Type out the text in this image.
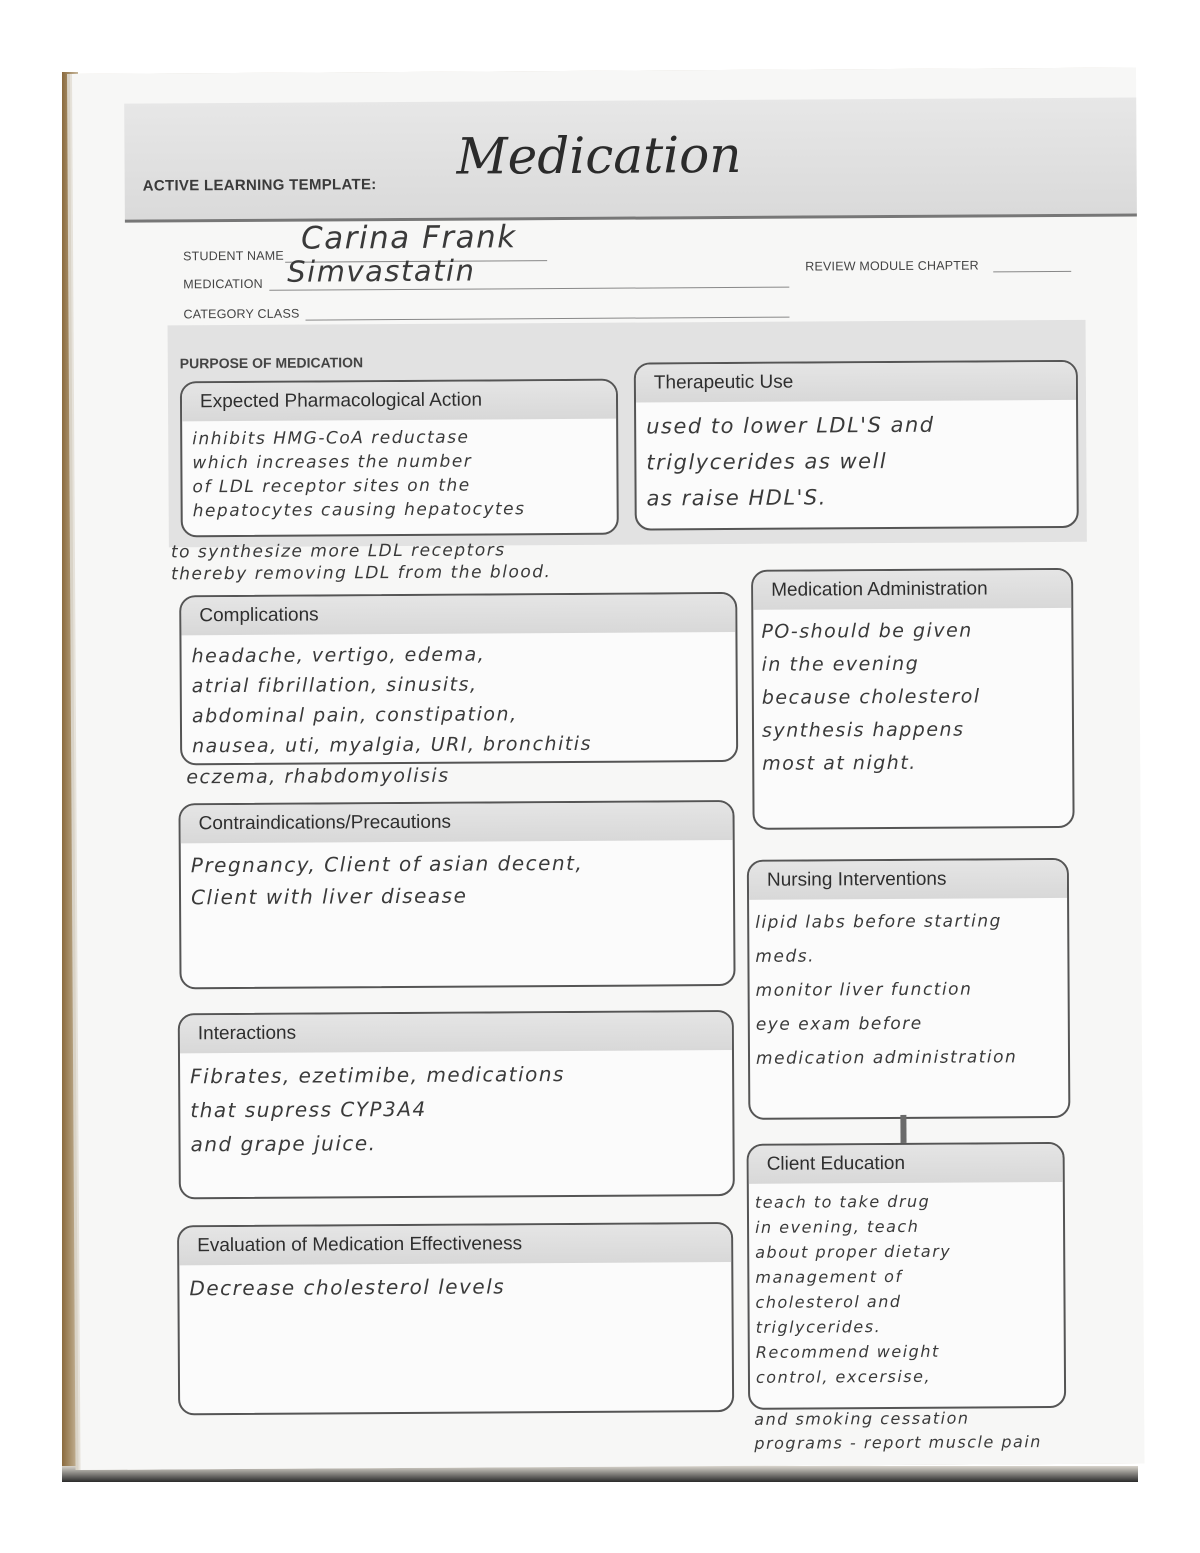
ACTIVE LEARNING TEMPLATE: Medication
STUDENT NAME Carina Frank
MEDICATION Simvastatin	REVIEW MODULE CHAPTER
CATEGORY CLASS
PURPOSE OF MEDICATION
Expected Pharmacological Action
inhibits HMG-CoA reductase
which increases the number
of LDL receptor sites on the
hepatocytes causing hepatocytes
to synthesize more LDL receptors
thereby removing LDL from the blood.
Therapeutic Use
used to lower LDL'S and
triglycerides as well
as raise HDL'S.
Complications
headache, vertigo, edema,
atrial fibrillation, sinusits,
abdominal pain, constipation,
nausea, uti, myalgia, URI, bronchitis
eczema, rhabdomyolisis
Medication Administration
PO-should be given
in the evening
because cholesterol
synthesis happens
most at night.
Contraindications/Precautions
Pregnancy, Client of asian decent,
Client with liver disease
Nursing Interventions
lipid labs before starting
meds.
monitor liver function
eye exam before
medication administration
Interactions
Fibrates, ezetimibe, medications
that supress CYP3A4
and grape juice.
Client Education
teach to take drug
in evening, teach
about proper dietary
management of
cholesterol and
triglycerides.
Recommend weight
control, excersise,
and smoking cessation
programs - report muscle pain
Evaluation of Medication Effectiveness
Decrease cholesterol levels
